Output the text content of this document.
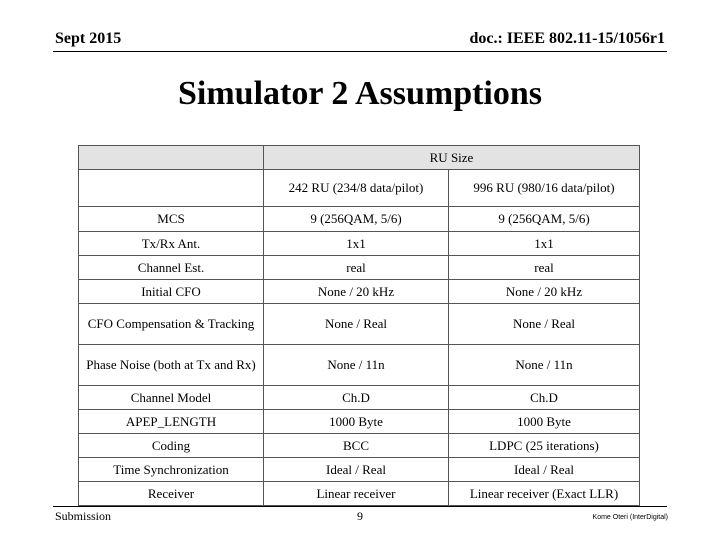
Sept 2015	doc.: IEEE 802.11-15/1056r1
Simulator 2 Assumptions
	RU Size	
	242 RU (234/8 data/pilot)	996 RU (980/16 data/pilot)
MCS	9 (256QAM, 5/6)	9 (256QAM, 5/6)
Tx/Rx Ant.	1x1	1x1
Channel Est.	real	real
Initial CFO	None / 20 kHz	None / 20 kHz
CFO Compensation & Tracking	None / Real	None / Real
Phase Noise (both at Tx and Rx)	None / 11n	None / 11n
Channel Model	Ch.D	Ch.D
APEP_LENGTH	1000 Byte	1000 Byte
Coding	BCC	LDPC (25 iterations)
Time Synchronization	Ideal / Real	Ideal / Real
Receiver	Linear receiver	Linear receiver (Exact LLR)
Submission	9	Kome Oteri (InterDigital)
